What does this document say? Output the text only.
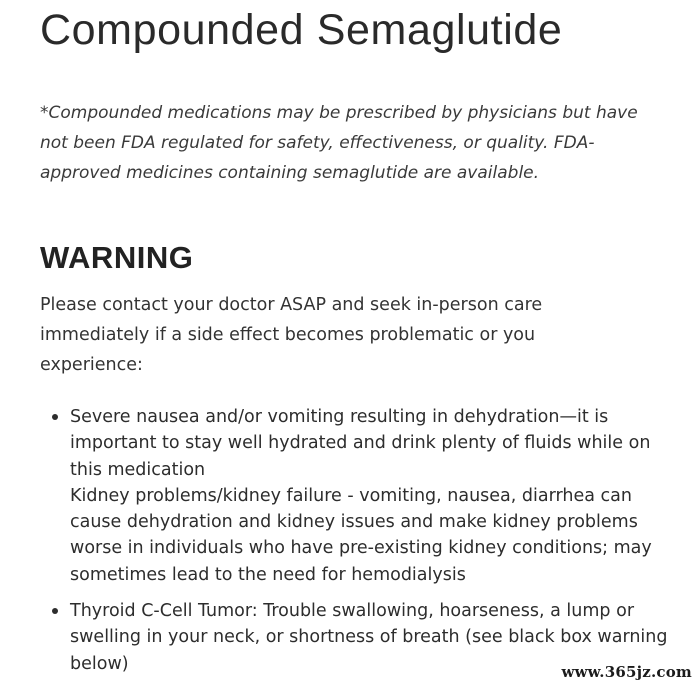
Compounded Semaglutide

*Compounded medications may be prescribed by physicians but have not been FDA regulated for safety, effectiveness, or quality. FDA-approved medicines containing semaglutide are available.

WARNING

Please contact your doctor ASAP and seek in-person care immediately if a side effect becomes problematic or you experience:

Severe nausea and/or vomiting resulting in dehydration—it is important to stay well hydrated and drink plenty of fluids while on this medication
Kidney problems/kidney failure - vomiting, nausea, diarrhea can cause dehydration and kidney issues and make kidney problems worse in individuals who have pre-existing kidney conditions; may sometimes lead to the need for hemodialysis
Thyroid C-Cell Tumor: Trouble swallowing, hoarseness, a lump or swelling in your neck, or shortness of breath (see black box warning below)	www.365jz.com
